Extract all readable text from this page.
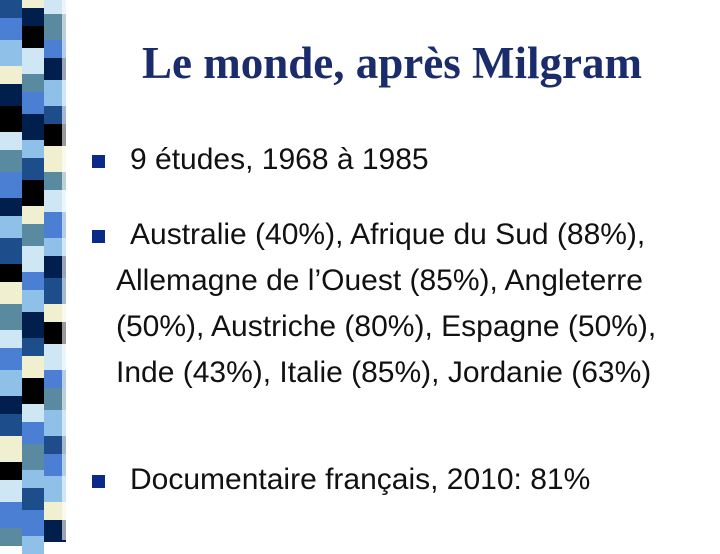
Le monde, après Milgram

9 études, 1968 à 1985

Australie (40%), Afrique du Sud (88%), Allemagne de l’Ouest (85%), Angleterre (50%), Austriche (80%), Espagne (50%), Inde (43%), Italie (85%), Jordanie (63%)

Documentaire français, 2010: 81%
